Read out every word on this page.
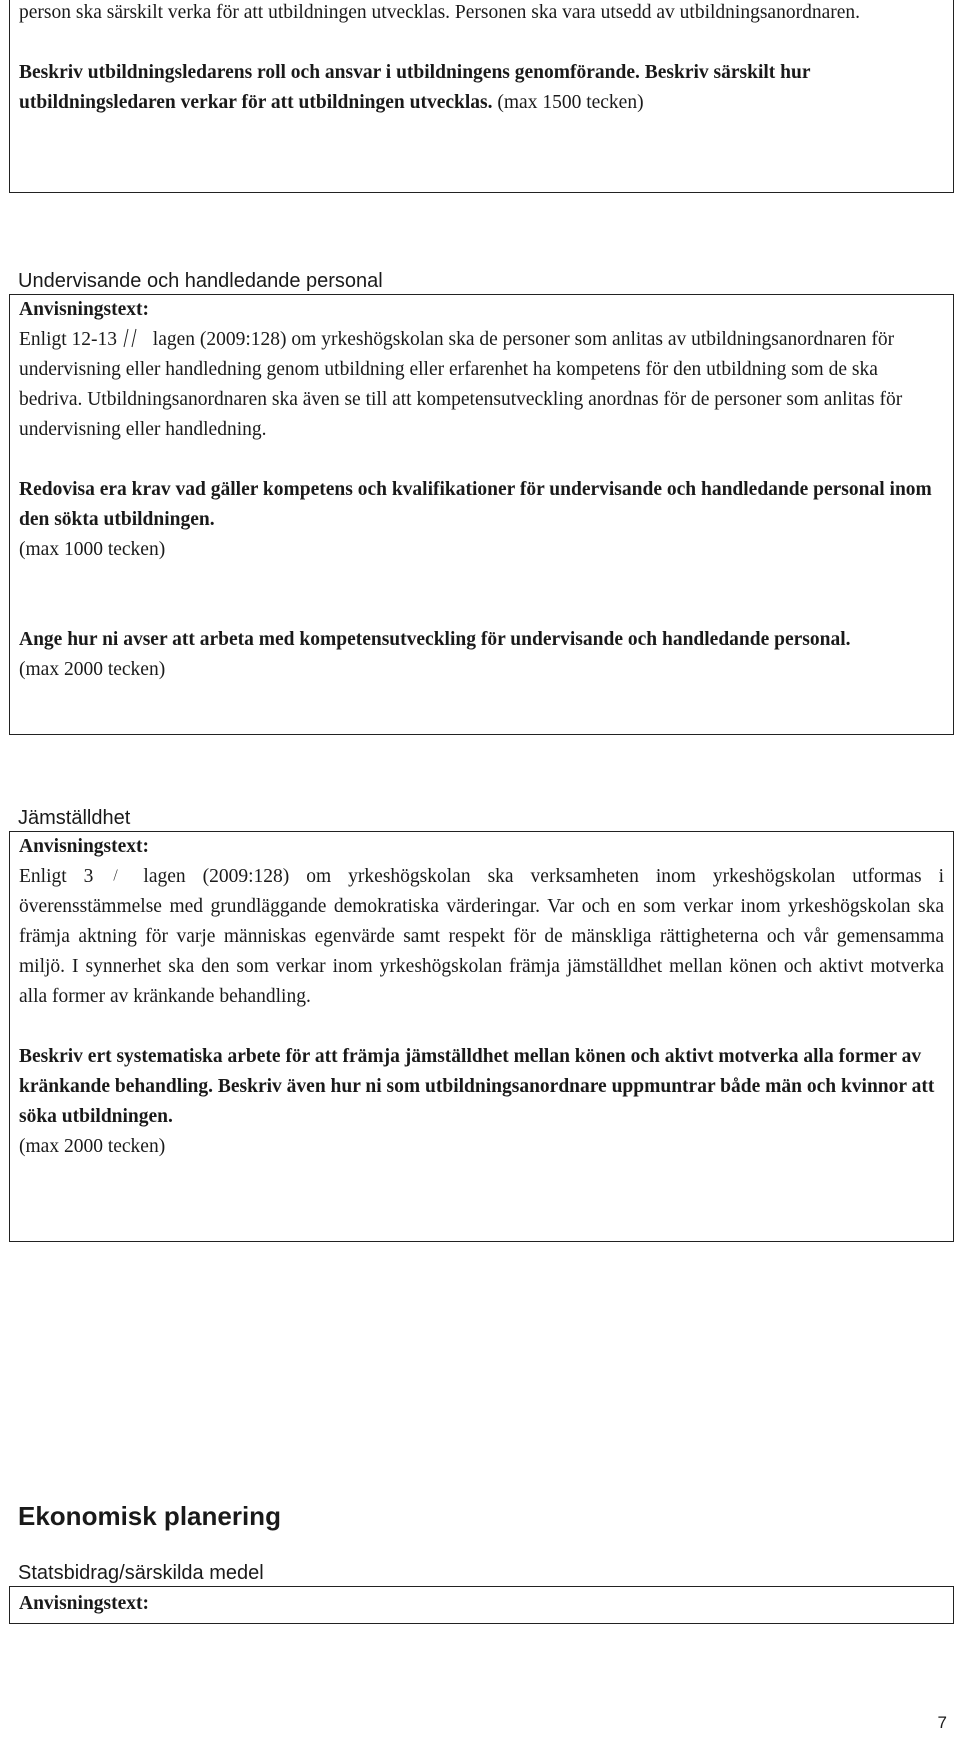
person ska särskilt verka för att utbildningen utvecklas. Personen ska vara utsedd av utbildningsanordnaren.

Beskriv utbildningsledarens roll och ansvar i utbildningens genomförande. Beskriv särskilt hur utbildningsledaren verkar för att utbildningen utvecklas. (max 1500 tecken)

Undervisande och handledande personal

Anvisningstext:

Enligt 12-13 lagen (2009:128) om yrkeshögskolan ska de personer som anlitas av utbildningsanordnaren för undervisning eller handledning genom utbildning eller erfarenhet ha kompetens för den utbildning som de ska bedriva. Utbildningsanordnaren ska även se till att kompetensutveckling anordnas för de personer som anlitas för undervisning eller handledning.

Redovisa era krav vad gäller kompetens och kvalifikationer för undervisande och handledande personal inom den sökta utbildningen.
(max 1000 tecken)

Ange hur ni avser att arbeta med kompetensutveckling för undervisande och handledande personal.
(max 2000 tecken)

Jämställdhet

Anvisningstext:

Enligt 3	lagen (2009:128) om yrkeshögskolan ska verksamheten inom yrkeshögskolan utformas i överensstämmelse med grundläggande demokratiska värderingar. Var och en som verkar inom yrkeshögskolan ska främja aktning för varje människas egenvärde samt respekt för de mänskliga rättigheterna och vår gemensamma miljö. I synnerhet ska den som verkar inom yrkeshögskolan främja jämställdhet mellan könen och aktivt motverka alla former av kränkande behandling.

Beskriv ert systematiska arbete för att främja jämställdhet mellan könen och aktivt motverka alla former av kränkande behandling. Beskriv även hur ni som utbildningsanordnare uppmuntrar både män och kvinnor att söka utbildningen.
(max 2000 tecken)

Ekonomisk planering
Statsbidrag/särskilda medel

Anvisningstext:

7
